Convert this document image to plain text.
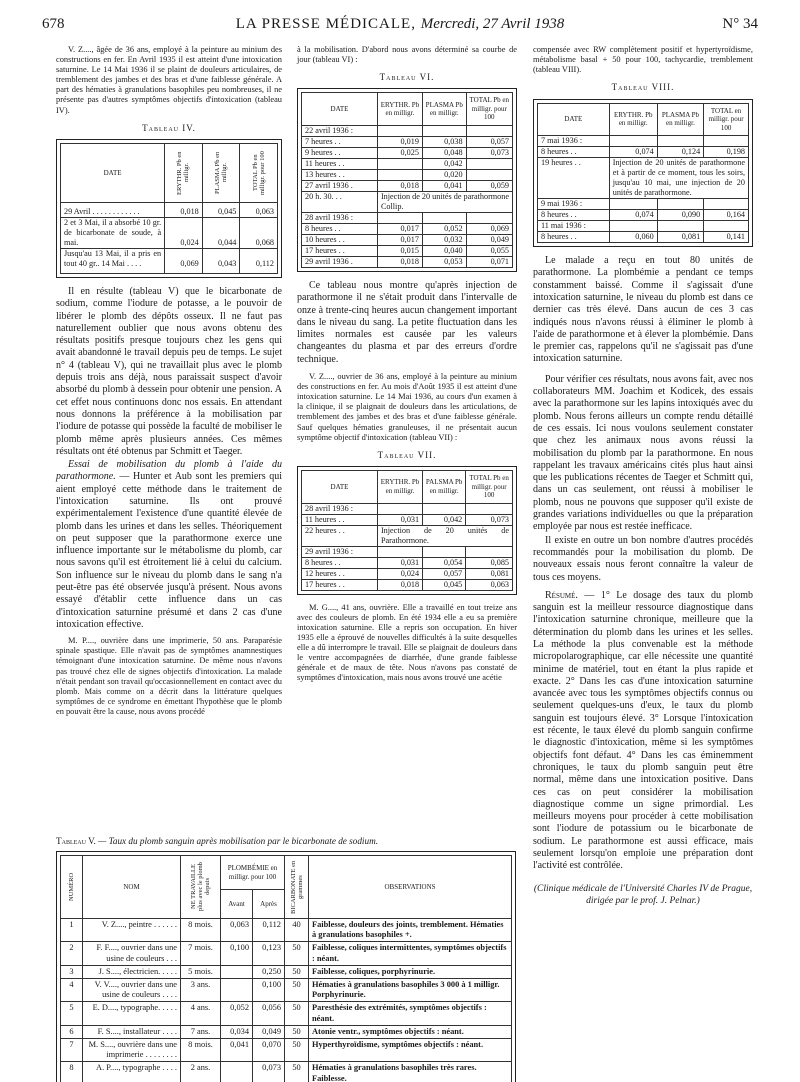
678	LA PRESSE MÉDICALE, Mercredi, 27 Avril 1938	N° 34

V. Z...., âgée de 36 ans, employé à la peinture au minium des constructions en fer. En Avril 1935 il est atteint d'une intoxication saturnine. Le 14 Mai 1936 il se plaint de douleurs articulaires, de tremblement des jambes et des bras et d'une faiblesse générale. A part des hématies à granulations basophiles peu nombreuses, il ne présente pas d'autres symptômes objectifs d'intoxication (tableau IV).

Tableau IV.
DATE	ERYTHR. Pb en milligr.	PLASMA Pb en milligr.	TOTAL Pb en milligr. pour 100

29 Avril . . . . . . . . . . . .	0,018	0,045	0,063
2 et 3 Mai, il a absorbé 10 gr. de bicarbonate de soude, à mai.	0,024	0,044	0,068
Jusqu'au 13 Mai, il a pris en tout 40 gr.. 14 Mai . . . .	0,069	0,043	0,112

Il en résulte (tableau V) que le bicarbonate de sodium, comme l'iodure de potasse, a le pouvoir de libérer le plomb des dépôts osseux. Il ne faut pas naturellement oublier que nous avons obtenu des résultats positifs presque toujours chez les gens qui avait abandonné le travail depuis peu de temps. Le sujet n° 4 (tableau V), qui ne travaillait plus avec le plomb depuis trois ans déjà, nous paraissait suspect d'avoir absorbé du plomb à dessein pour obtenir une pension. A cet effet nous continuons donc nos essais. En attendant nous donnons la préférence à la mobilisation par l'iodure de potasse qui possède la faculté de mobiliser le plomb même après plusieurs années. Ces mêmes résultats ont été obtenus par Schmitt et Taeger.

Essai de mobilisation du plomb à l'aide du parathormone. — Hunter et Aub sont les premiers qui aient employé cette méthode dans le traitement de l'intoxication saturnine. Ils ont prouvé expérimentalement l'existence d'une quantité élevée de plomb dans les urines et dans les selles. Théoriquement on peut supposer que la parathormone exerce une influence importante sur le métabolisme du plomb, car nous savons qu'il est étroitement lié à celui du calcium. Son influence sur le niveau du plomb dans le sang n'a peut-être pas été observée jusqu'à présent. Nous avons essayé d'établir cette influence dans un cas d'intoxication saturnine présumé et dans 2 cas d'une intoxication effective.

M. P...., ouvrière dans une imprimerie, 50 ans. Paraparésie spinale spastique. Elle n'avait pas de symptômes anamnestiques témoignant d'une intoxication saturnine. De même nous n'avons pas trouvé chez elle de signes objectifs d'intoxication. La malade n'était pendant son travail qu'occasionnellement en contact avec du plomb. Mais comme on a décrit dans la littérature quelques symptômes de ce syndrome en émettant l'hypothèse que le plomb en pouvait être la cause, nous avons procédé

à la mobilisation. D'abord nous avons déterminé sa courbe de jour (tableau VI) :

Tableau VI.
DATE	ERYTHR. Pb en milligr.	PLASMA Pb en milligr.	TOTAL Pb en milligr. pour 100
22 avril 1936 :			
7 heures . .	0,019	0,038	0,057
9 heures . .	0,025	0,048	0,073
11 heures . .		0,042	
13 heures . .		0,020	
27 avril 1936 .	0,018	0,041	0,059
20 h. 30. . .	Injection de 20 unités de parathormone Collip.		
28 avril 1936 :			
8 heures . .	0,017	0,052	0,069
10 heures . .	0,017	0,032	0,049
17 heures . .	0,015	0,040	0,055
29 avril 1936 .	0,018	0,053	0,071

Ce tableau nous montre qu'après injection de parathormone il ne s'était produit dans l'intervalle de onze à trente-cinq heures aucun changement important dans le niveau du sang. La petite fluctuation dans les limites normales est causée par les valeurs changeantes du plasma et par des erreurs d'ordre technique.

V. Z...., ouvrier de 36 ans, employé à la peinture au minium des constructions en fer. Au mois d'Août 1935 il est atteint d'une intoxication saturnine. Le 14 Mai 1936, au cours d'un examen à la clinique, il se plaignait de douleurs dans les articulations, de tremblement des jambes et des bras et d'une faiblesse générale. Sauf quelques hématies granuleuses, il ne présentait aucun symptôme objectif d'intoxication (tableau VII) :

Tableau VII.
DATE	ERYTHR. Pb en milligr.	PALSMA Pb en milligr.	TOTAL Pb en milligr. pour 100
28 avril 1936 :			
11 heures . .	0,031	0,042	0,073
22 heures . .	Injection de 20 unités de Parathormone.		
29 avril 1936 :			
8 heures . .	0,031	0,054	0,085
12 heures . .	0,024	0,057	0,081
17 heures . .	0,018	0,045	0,063

M. G...., 41 ans, ouvrière. Elle a travaillé en tout treize ans avec des couleurs de plomb. En été 1934 elle a eu sa première intoxication saturnine. Elle a repris son occupation. En hiver 1935 elle a éprouvé de nouvelles difficultés à la suite desquelles elle a dû interrompre le travail. Elle se plaignait de douleurs dans le ventre accompagnées de diarrhée, d'une grande faiblesse générale et de maux de tête. Nous n'avons pas constaté de symptômes d'intoxication, mais nous avons trouvé une acétie

compensée avec RW complètement positif et hypertyroïdisme, métabolisme basal + 50 pour 100, tachycardie, tremblement (tableau VIII).

Tableau VIII.
DATE	ERYTHR. Pb en milligr.	PLASMA Pb en milligr.	TOTAL en milligr. pour 100
7 mai 1936 :			
8 heures . .	0,074	0,124	0,198
19 heures . .	Injection de 20 unités de parathormone et à partir de ce moment, tous les soirs, jusqu'au 10 mai, une injection de 20 unités de parathormone.		
9 mai 1936 :			
8 heures . .	0,074	0,090	0,164
11 mai 1936 :			
8 heures . .	0,060	0,081	0,141

Le malade a reçu en tout 80 unités de parathormone. La plombémie a pendant ce temps constamment baissé. Comme il s'agissait d'une intoxication saturnine, le niveau du plomb est dans ce dernier cas très élevé. Dans aucun de ces 3 cas indiqués nous n'avons réussi à éliminer le plomb à l'aide de parathormone et à élever la plombémie. Dans le premier cas, rappelons qu'il ne s'agissait pas d'une intoxication saturnine.

Pour vérifier ces résultats, nous avons fait, avec nos collaborateurs MM. Joachim et Kodicek, des essais avec la parathormone sur les lapins intoxiqués avec du plomb. Nous ferons ailleurs un compte rendu détaillé de ces essais. Ici nous voulons seulement constater que chez les animaux nous avons réussi la mobilisation du plomb par la parathormone. En nous rappelant les travaux américains cités plus haut ainsi que les publications récentes de Taeger et Schmitt qui, dans un cas seulement, ont réussi à mobiliser le plomb, nous ne pouvons que supposer qu'il existe de grandes variations individuelles ou que la préparation employée par nous est restée inefficace.

Il existe en outre un bon nombre d'autres procédés recommandés pour la mobilisation du plomb. De nouveaux essais nous feront connaître la valeur de tous ces moyens.

Résumé. — 1° Le dosage des taux du plomb sanguin est la meilleur ressource diagnostique dans l'intoxication saturnine chronique, meilleure que la détermination du plomb dans les urines et les selles. La méthode la plus convenable est la méthode micropolarographique, car elle nécessite une quantité minime de matériel, tout en étant la plus rapide et exacte. 2° Dans les cas d'une intoxication saturnine avancée avec tous les symptômes objectifs connus ou seulement quelques-uns d'eux, le taux du plomb sanguin est toujours élevé. 3° Lorsque l'intoxication est récente, le taux élevé du plomb sanguin confirme le diagnostic d'intoxication, même si les symptômes objectifs font défaut. 4° Dans les cas éminemment chroniques, le taux du plomb sanguin peut être normal, même dans une intoxication positive. Dans ces cas on peut considérer la mobilisation diagnostique comme un signe primordial. Les meilleurs moyens pour procéder à cette mobilisation sont l'iodure de potassium ou le bicarbonate de sodium. Le parathormone est aussi efficace, mais seulement lorsqu'on emploie une préparation dont l'activité est contrôlée.

(Clinique médicale de l'Université Charles IV de Prague, dirigée par le prof. J. Pelnar.)

Tableau V. — Taux du plomb sanguin après mobilisation par le bicarbonate de sodium.
NUMÉRO	NOM	NE TRAVAILLE plus avec le plomb depuis	PLOMBÉMIE en milligr. pour 100		BICARBONATE en grammes	OBSERVATIONS
			Avant	Après		
1	V. Z...., peintre . . . . . .	8 mois.	0,063	0,112	40	Faiblesse, douleurs des joints, tremblement. Hématies à granulations basophiles +.
2	F. F...., ouvrier dans une usine de couleurs . . .	7 mois.	0,100	0,123	50	Faiblesse, coliques intermittentes, symptômes objectifs : néant.
3	J. S...., électricien. . . . .	5 mois.		0,250	50	Faiblesse, coliques, porphyrinurie.
4	V. V...., ouvrier dans une usine de couleurs . . . .	3 ans.		0,100	50	Hématies à granulations basophiles 3 000 à 1 milligr. Porphyrinurie.
5	E. D...., typographe. . . . .	4 ans.	0,052	0,056	50	Paresthésie des extrémités, symptômes objectifs : néant.
6	F. S...., installateur . . . .	7 ans.	0,034	0,049	50	Atonie ventr., symptômes objectifs : néant.
7	M. S...., ouvrière dans une imprimerie . . . . . . . .	8 mois.	0,041	0,070	50	Hyperthyroïdisme, symptômes objectifs : néant.
8	A. P...., typographe . . . .	2 ans.		0,073	50	Hématies à granulations basophiles très rares. Faiblesse.
